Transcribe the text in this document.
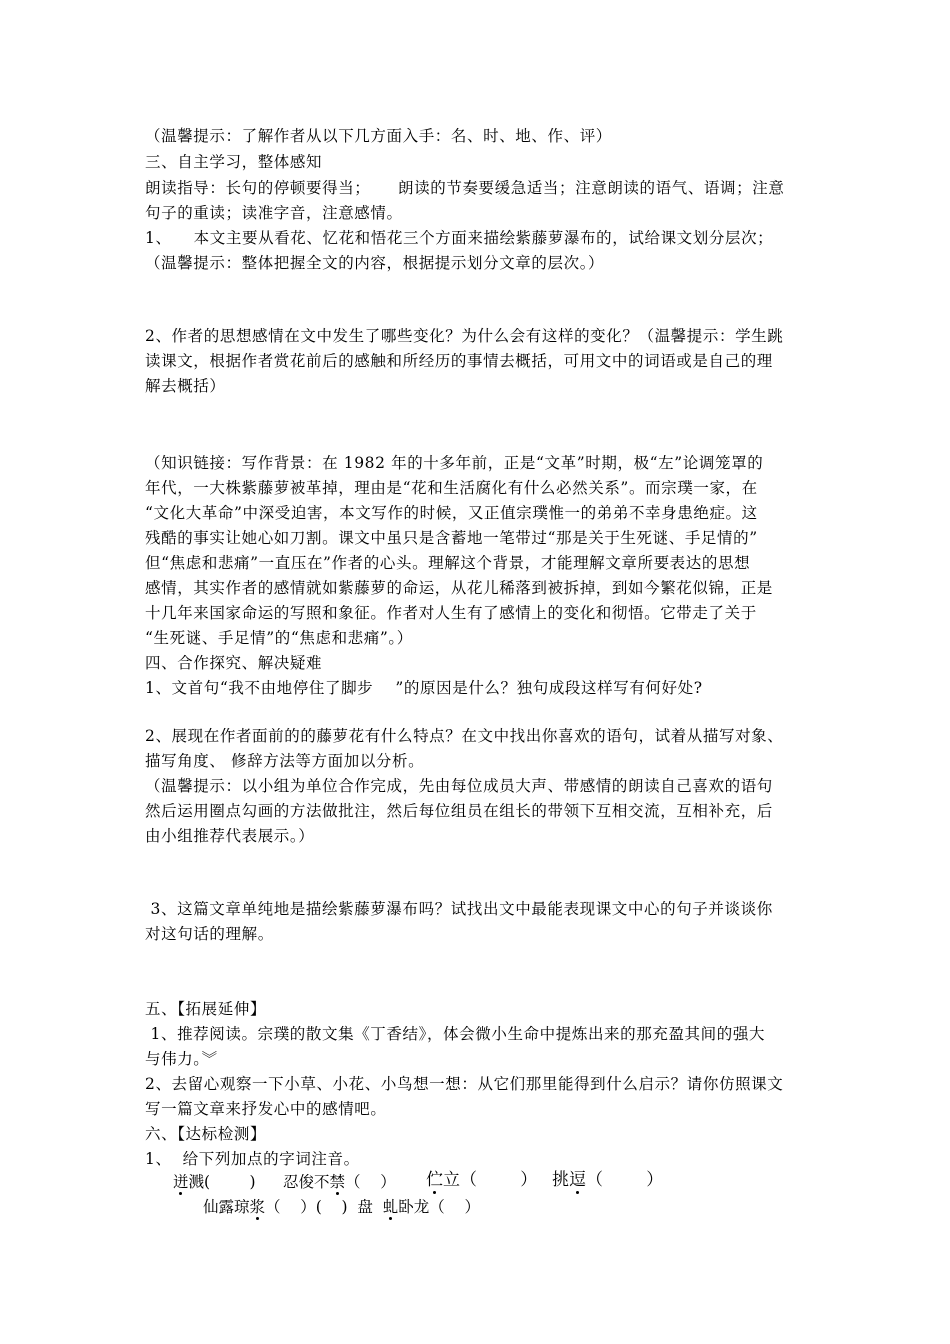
（温馨提示：了解作者从以下几方面入手：名、时、地、作、评）
三、自主学习，整体感知
朗读指导：长句的停顿要得当；     朗读的节奏要缓急适当；注意朗读的语气、语调；注意
句子的重读；读准字音，注意感情。
1、    本文主要从看花、忆花和悟花三个方面来描绘紫藤萝瀑布的，试给课文划分层次；
（温馨提示：整体把握全文的内容，根据提示划分文章的层次。）
2、作者的思想感情在文中发生了哪些变化？为什么会有这样的变化？（温馨提示：学生跳
读课文，根据作者赏花前后的感触和所经历的事情去概括，可用文中的词语或是自己的理
解去概括）
（知识链接：写作背景：在 1982 年的十多年前，正是“文革”时期，极“左”论调笼罩的
年代，一大株紫藤萝被革掉，理由是“花和生活腐化有什么必然关系”。而宗璞一家，在
“文化大革命”中深受迫害，本文写作的时候，又正值宗璞惟一的弟弟不幸身患绝症。这
残酷的事实让她心如刀割。课文中虽只是含蓄地一笔带过“那是关于生死谜、手足情的”
但“焦虑和悲痛”一直压在”作者的心头。理解这个背景，才能理解文章所要表达的思想
感情，其实作者的感情就如紫藤萝的命运，从花儿稀落到被拆掉，到如今繁花似锦，正是
十几年来国家命运的写照和象征。作者对人生有了感情上的变化和彻悟。它带走了关于
“生死谜、手足情”的“焦虑和悲痛”。）
四、合作探究、解决疑难
1、文首句“我不由地停住了脚步    ”的原因是什么？独句成段这样写有何好处?
2、展现在作者面前的的藤萝花有什么特点？在文中找出你喜欢的语句，试着从描写对象、
描写角度、 修辞方法等方面加以分析。
（温馨提示：以小组为单位合作完成，先由每位成员大声、带感情的朗读自己喜欢的语句
然后运用圈点勾画的方法做批注，然后每位组员在组长的带领下互相交流，互相补充，后
由小组推荐代表展示。）
3、这篇文章单纯地是描绘紫藤萝瀑布吗？试找出文中最能表现课文中心的句子并谈谈你
对这句话的理解。
五、【拓展延伸】
1、推荐阅读。宗璞的散文集《丁香结》，体会微小生命中提炼出来的那充盈其间的强大
与伟力。︾
2、去留心观察一下小草、小花、小鸟想一想：从它们那里能得到什么启示？请你仿照课文
写一篇文章来抒发心中的感情吧。
六、【达标检测】
1、  给下列加点的字词注音。
迸溅(        ) 忍俊不禁（    ） 伫立（        ） 挑逗（        ）
仙露琼浆（    ）(    )  盘  虬卧龙（    ）
